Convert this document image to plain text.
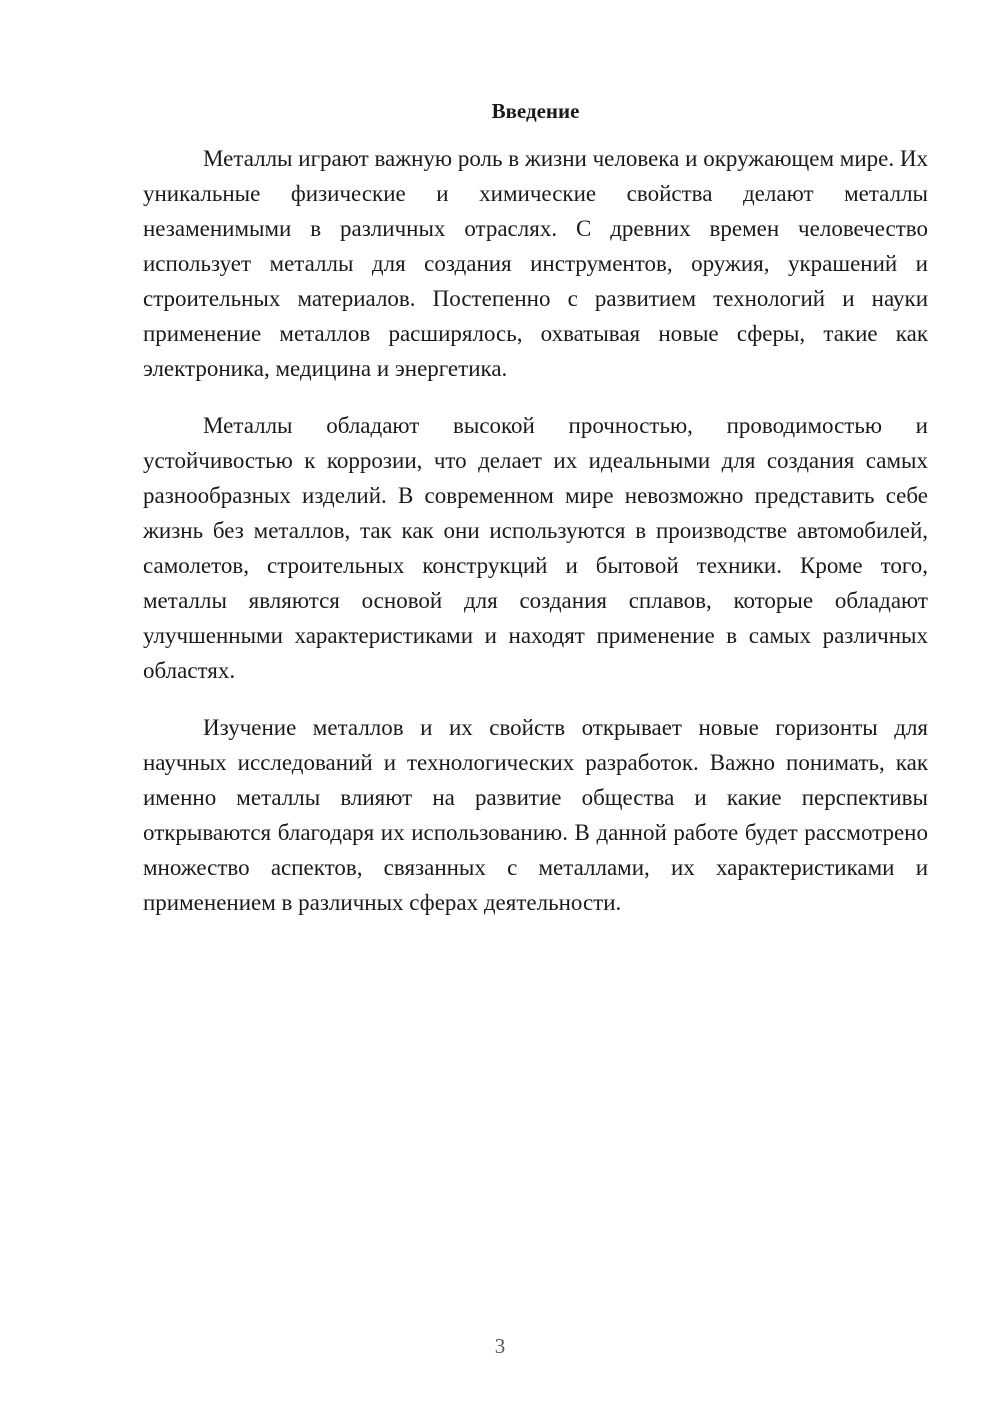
Введение

Металлы играют важную роль в жизни человека и окружающем мире. Их уникальные физические и химические свойства делают металлы незаменимыми в различных отраслях. С древних времен человечество использует металлы для создания инструментов, оружия, украшений и строительных материалов. Постепенно с развитием технологий и науки применение металлов расширялось, охватывая новые сферы, такие как электроника, медицина и энергетика.

Металлы обладают высокой прочностью, проводимостью и устойчивостью к коррозии, что делает их идеальными для создания самых разнообразных изделий. В современном мире невозможно представить себе жизнь без металлов, так как они используются в производстве автомобилей, самолетов, строительных конструкций и бытовой техники. Кроме того, металлы являются основой для создания сплавов, которые обладают улучшенными характеристиками и находят применение в самых различных областях.

Изучение металлов и их свойств открывает новые горизонты для научных исследований и технологических разработок. Важно понимать, как именно металлы влияют на развитие общества и какие перспективы открываются благодаря их использованию. В данной работе будет рассмотрено множество аспектов, связанных с металлами, их характеристиками и применением в различных сферах деятельности.

3
